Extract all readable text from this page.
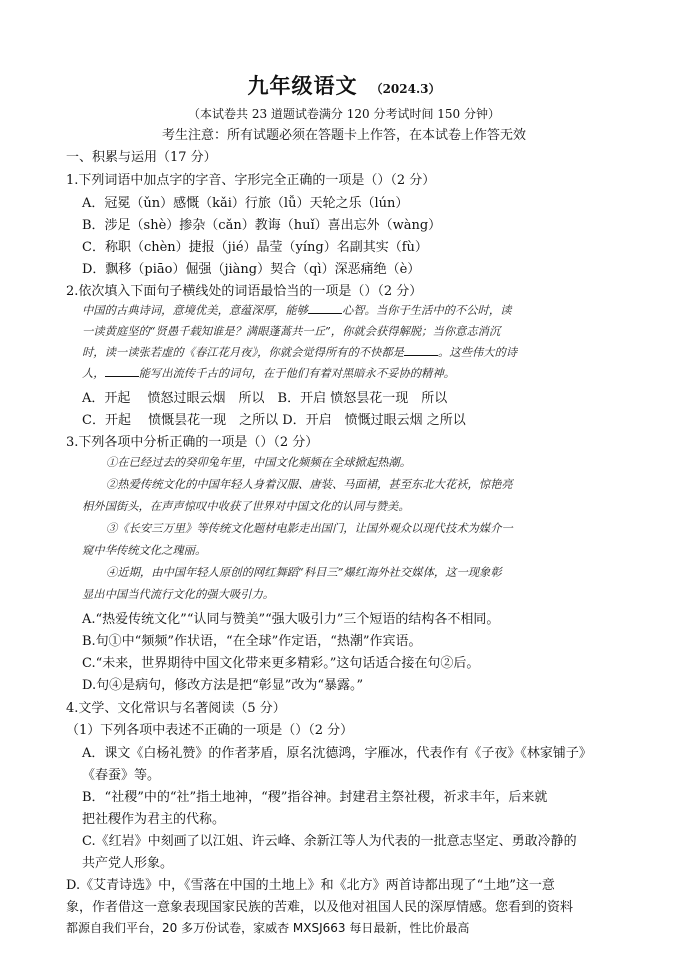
九年级语文 （2024.3）
（本试卷共 23 道题试卷满分 120 分考试时间 150 分钟）
考生注意：所有试题必须在答题卡上作答，在本试卷上作答无效
一、积累与运用（17 分）
1.下列词语中加点字的字音、字形完全正确的一项是（）（2 分）
A．冠冕（ǔn）感慨（kǎi）行旅（lǚ）天轮之乐（lún）
B．涉足（shè）掺杂（cǎn）教诲（huǐ）喜出忘外（wàng）
C．称职（chèn）捷报（jié）晶莹（yíng）名副其实（fù）
D．飘移（piāo）倔强（jiàng）契合（qì）深恶痛绝（è）
2.依次填入下面句子横线处的词语最恰当的一项是（）（2 分）
中国的古典诗词，意境优美，意蕴深厚，能够	心智。当你于生活中的不公时，读
一读黄庭坚的“贤愚千载知谁是？满眼蓬蒿共一丘”，你就会获得解脱；当你意志消沉
时，读一读张若虚的《春江花月夜》，你就会觉得所有的不快都是	。这些伟大的诗
人，	能写出流传千古的词句，在于他们有着对黑暗永不妥协的精神。
A．开起　 愤怒过眼云烟　所以　B．开启 愤怒昙花一现　所以
C．开起　 愤慨昙花一现　之所以 D．开启　愤慨过眼云烟 之所以
3.下列各项中分析正确的一项是（）（2 分）
①在已经过去的癸卯兔年里，中国文化频频在全球掀起热潮。
②热爱传统文化的中国年轻人身着汉服、唐装、马面裙，甚至东北大花袄，惊艳亮
相外国街头，在声声惊叹中收获了世界对中国文化的认同与赞美。
③《长安三万里》等传统文化题材电影走出国门，让国外观众以现代技术为媒介一
窥中华传统文化之瑰丽。
④近期，由中国年轻人原创的网红舞蹈“科目三”爆红海外社交媒体，这一现象彰
显出中国当代流行文化的强大吸引力。
A.“热爱传统文化”“认同与赞美”“强大吸引力”三个短语的结构各不相同。
B.句①中“频频”作状语，“在全球”作定语，“热潮”作宾语。
C.“未来，世界期待中国文化带来更多精彩。”这句话适合接在句②后。
D.句④是病句，修改方法是把“彰显”改为“暴露。”
4.文学、文化常识与名著阅读（5 分）
（1）下列各项中表述不正确的一项是（）（2 分）
A．课文《白杨礼赞》的作者茅盾，原名沈德鸿，字雁冰，代表作有《子夜》《林家铺子》
《春蚕》等。
B．“社稷”中的“社”指土地神，“稷”指谷神。封建君主祭社稷，祈求丰年，后来就
把社稷作为君主的代称。
C.《红岩》中刻画了以江姐、许云峰、余新江等人为代表的一批意志坚定、勇敢冷静的
共产党人形象。
D.《艾青诗选》中，《雪落在中国的土地上》和《北方》两首诗都出现了“土地”这一意
象，作者借这一意象表现国家民族的苦难，以及他对祖国人民的深厚情感。您看到的资料
都源自我们平台，20 多万份试卷，家威杏 MXSJ663 每日最新，性比价最高
